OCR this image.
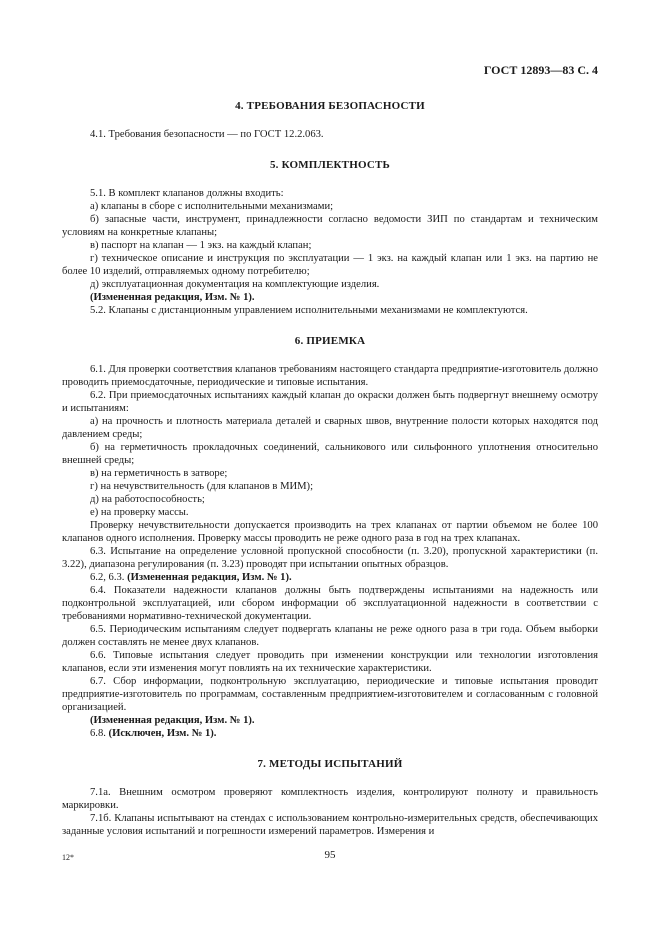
ГОСТ 12893—83 С. 4
4. ТРЕБОВАНИЯ БЕЗОПАСНОСТИ

4.1. Требования безопасности — по ГОСТ 12.2.063.

5. КОМПЛЕКТНОСТЬ

5.1. В комплект клапанов должны входить:

а) клапаны в сборе с исполнительными механизмами;

б) запасные части, инструмент, принадлежности согласно ведомости ЗИП по стандартам и техническим условиям на конкретные клапаны;

в) паспорт на клапан — 1 экз. на каждый клапан;

г) техническое описание и инструкция по эксплуатации — 1 экз. на каждый клапан или 1 экз. на партию не более 10 изделий, отправляемых одному потребителю;

д) эксплуатационная документация на комплектующие изделия.

(Измененная редакция, Изм. № 1).

5.2. Клапаны с дистанционным управлением исполнительными механизмами не комплектуются.

6. ПРИЕМКА

6.1. Для проверки соответствия клапанов требованиям настоящего стандарта предприятие-изготовитель должно проводить приемосдаточные, периодические и типовые испытания.

6.2. При приемосдаточных испытаниях каждый клапан до окраски должен быть подвергнут внешнему осмотру и испытаниям:

а) на прочность и плотность материала деталей и сварных швов, внутренние полости которых находятся под давлением среды;

б) на герметичность прокладочных соединений, сальникового или сильфонного уплотнения относительно внешней среды;

в) на герметичность в затворе;

г) на нечувствительность (для клапанов в МИМ);

д) на работоспособность;

е) на проверку массы.

Проверку нечувствительности допускается производить на трех клапанах от партии объемом не более 100 клапанов одного исполнения. Проверку массы проводить не реже одного раза в год на трех клапанах.

6.3. Испытание на определение условной пропускной способности (п. 3.20), пропускной характеристики (п. 3.22), диапазона регулирования (п. 3.23) проводят при испытании опытных образцов.

6.2, 6.3. (Измененная редакция, Изм. № 1).

6.4. Показатели надежности клапанов должны быть подтверждены испытаниями на надежность или подконтрольной эксплуатацией, или сбором информации об эксплуатационной надежности в соответствии с требованиями нормативно-технической документации.

6.5. Периодическим испытаниям следует подвергать клапаны не реже одного раза в три года. Объем выборки должен составлять не менее двух клапанов.

6.6. Типовые испытания следует проводить при изменении конструкции или технологии изготовления клапанов, если эти изменения могут повлиять на их технические характеристики.

6.7. Сбор информации, подконтрольную эксплуатацию, периодические и типовые испытания проводит предприятие-изготовитель по программам, составленным предприятием-изготовителем и согласованным с головной организацией.

(Измененная редакция, Изм. № 1).

6.8. (Исключен, Изм. № 1).

7. МЕТОДЫ ИСПЫТАНИЙ

7.1а. Внешним осмотром проверяют комплектность изделия, контролируют полноту и правильность маркировки.

7.1б. Клапаны испытывают на стендах с использованием контрольно-измерительных средств, обеспечивающих заданные условия испытаний и погрешности измерений параметров. Измерения и

12*	95
